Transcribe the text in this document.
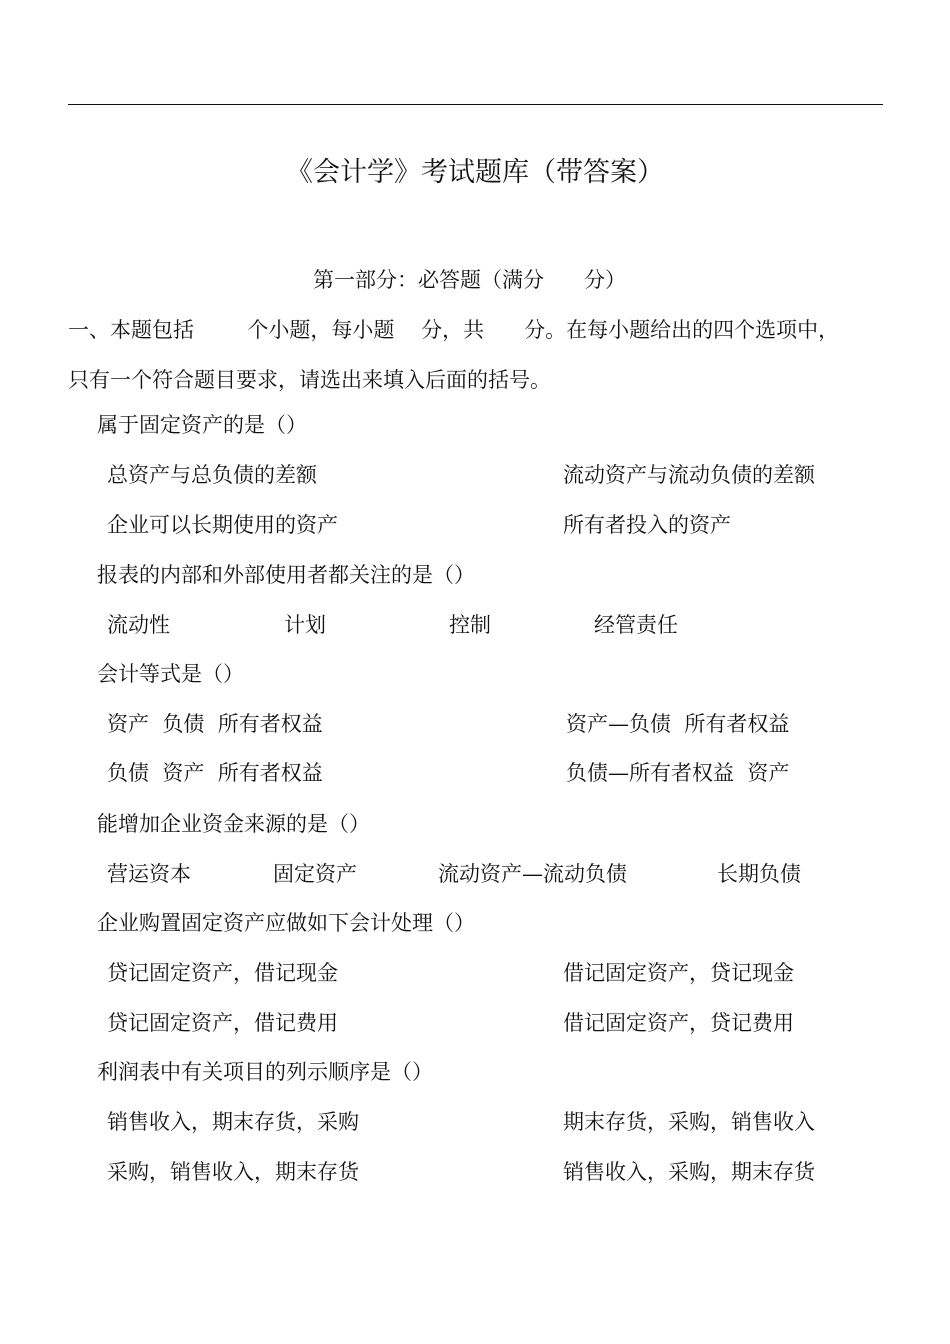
《会计学》考试题库（带答案）
第一部分：必答题（满分      分）
一、本题包括        个小题，每小题    分，共      分。在每小题给出的四个选项中，
只有一个符合题目要求，请选出来填入后面的括号。
属于固定资产的是（）
总资产与总负债的差额	流动资产与流动负债的差额
企业可以长期使用的资产	所有者投入的资产
报表的内部和外部使用者都关注的是（）
流动性	计划	控制	经管责任
会计等式是（）
资产  负债  所有者权益	资产—负债  所有者权益
负债  资产  所有者权益	负债—所有者权益  资产
能增加企业资金来源的是（）
营运资本	固定资产	流动资产—流动负债	长期负债
企业购置固定资产应做如下会计处理（）
贷记固定资产，借记现金	借记固定资产，贷记现金
贷记固定资产，借记费用	借记固定资产，贷记费用
利润表中有关项目的列示顺序是（）
销售收入，期末存货，采购	期末存货，采购，销售收入
采购，销售收入，期末存货	销售收入，采购，期末存货
